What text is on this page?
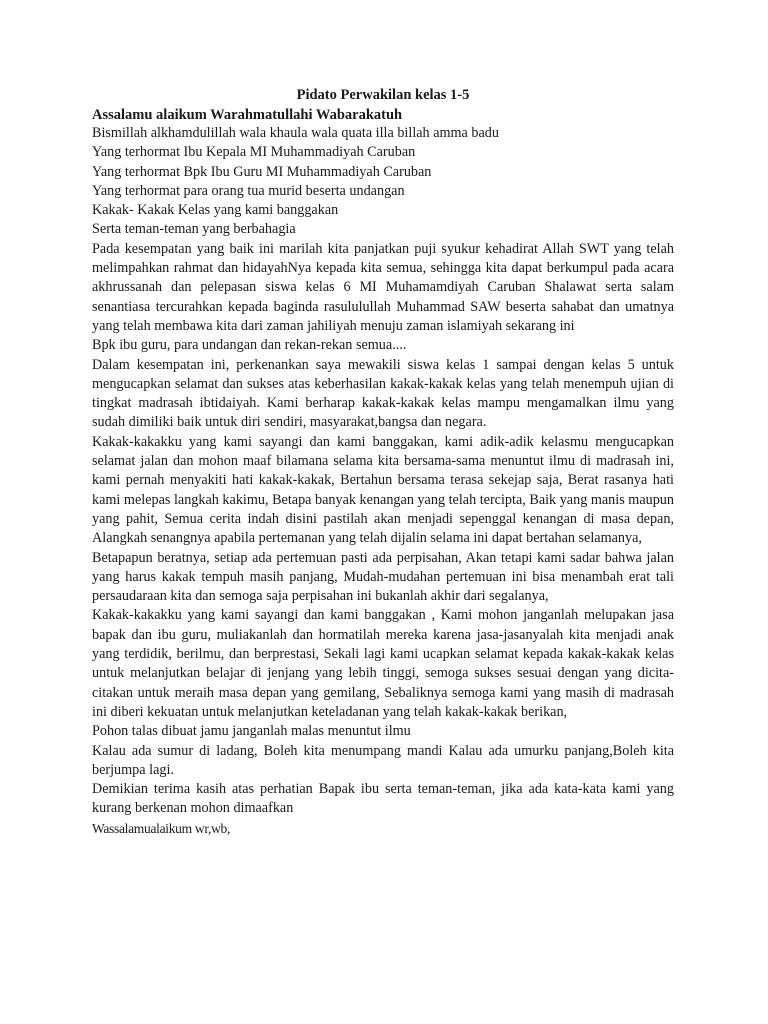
Pidato Perwakilan kelas 1-5

Assalamu alaikum Warahmatullahi Wabarakatuh

Bismillah alkhamdulillah wala khaula wala quata illa billah amma badu

Yang terhormat Ibu Kepala MI Muhammadiyah Caruban

Yang terhormat Bpk Ibu Guru MI Muhammadiyah Caruban

Yang terhormat para orang tua murid beserta undangan

Kakak- Kakak Kelas yang kami banggakan

Serta teman-teman yang berbahagia

Pada kesempatan yang baik ini marilah kita panjatkan puji syukur kehadirat Allah SWT yang telah melimpahkan rahmat dan hidayahNya kepada kita semua, sehingga kita dapat berkumpul pada acara akhrussanah dan pelepasan siswa kelas 6 MI Muhamamdiyah Caruban Shalawat serta salam senantiasa tercurahkan kepada baginda rasululullah Muhammad SAW beserta sahabat dan umatnya yang telah membawa kita dari zaman jahiliyah menuju zaman islamiyah sekarang ini

Bpk ibu guru, para undangan dan rekan-rekan semua....

Dalam kesempatan ini, perkenankan saya mewakili siswa kelas 1 sampai dengan kelas 5 untuk mengucapkan selamat dan sukses atas keberhasilan kakak-kakak kelas yang telah menempuh ujian di tingkat madrasah ibtidaiyah. Kami berharap kakak-kakak kelas mampu mengamalkan ilmu yang sudah dimiliki baik untuk diri sendiri, masyarakat,bangsa dan negara.

Kakak-kakakku yang kami sayangi dan kami banggakan, kami adik-adik kelasmu mengucapkan selamat jalan dan mohon maaf bilamana selama kita bersama-sama menuntut ilmu di madrasah ini, kami pernah menyakiti hati kakak-kakak, Bertahun bersama terasa sekejap saja, Berat rasanya hati kami melepas langkah kakimu, Betapa banyak kenangan yang telah tercipta, Baik yang manis maupun yang pahit, Semua cerita indah disini pastilah akan menjadi sepenggal kenangan di masa depan, Alangkah senangnya apabila pertemanan yang telah dijalin selama ini dapat bertahan selamanya,

Betapapun beratnya, setiap ada pertemuan pasti ada perpisahan, Akan tetapi kami sadar bahwa jalan yang harus kakak tempuh masih panjang, Mudah-mudahan pertemuan ini bisa menambah erat tali persaudaraan kita dan semoga saja perpisahan ini bukanlah akhir dari segalanya,

Kakak-kakakku yang kami sayangi dan kami banggakan , Kami mohon janganlah melupakan jasa bapak dan ibu guru, muliakanlah dan hormatilah mereka karena jasa-jasanyalah kita menjadi anak yang terdidik, berilmu, dan berprestasi, Sekali lagi kami ucapkan selamat kepada kakak-kakak kelas untuk melanjutkan belajar di jenjang yang lebih tinggi, semoga sukses sesuai dengan yang dicita-citakan untuk meraih masa depan yang gemilang, Sebaliknya semoga kami yang masih di madrasah ini diberi kekuatan untuk melanjutkan keteladanan yang telah kakak-kakak berikan,

Pohon talas dibuat jamu janganlah malas menuntut ilmu

Kalau ada sumur di ladang, Boleh kita menumpang mandi Kalau ada umurku panjang,Boleh kita berjumpa lagi.

Demikian terima kasih atas perhatian Bapak ibu serta teman-teman, jika ada kata-kata kami yang kurang berkenan mohon dimaafkan

Wassalamualaikum wr,wb,
